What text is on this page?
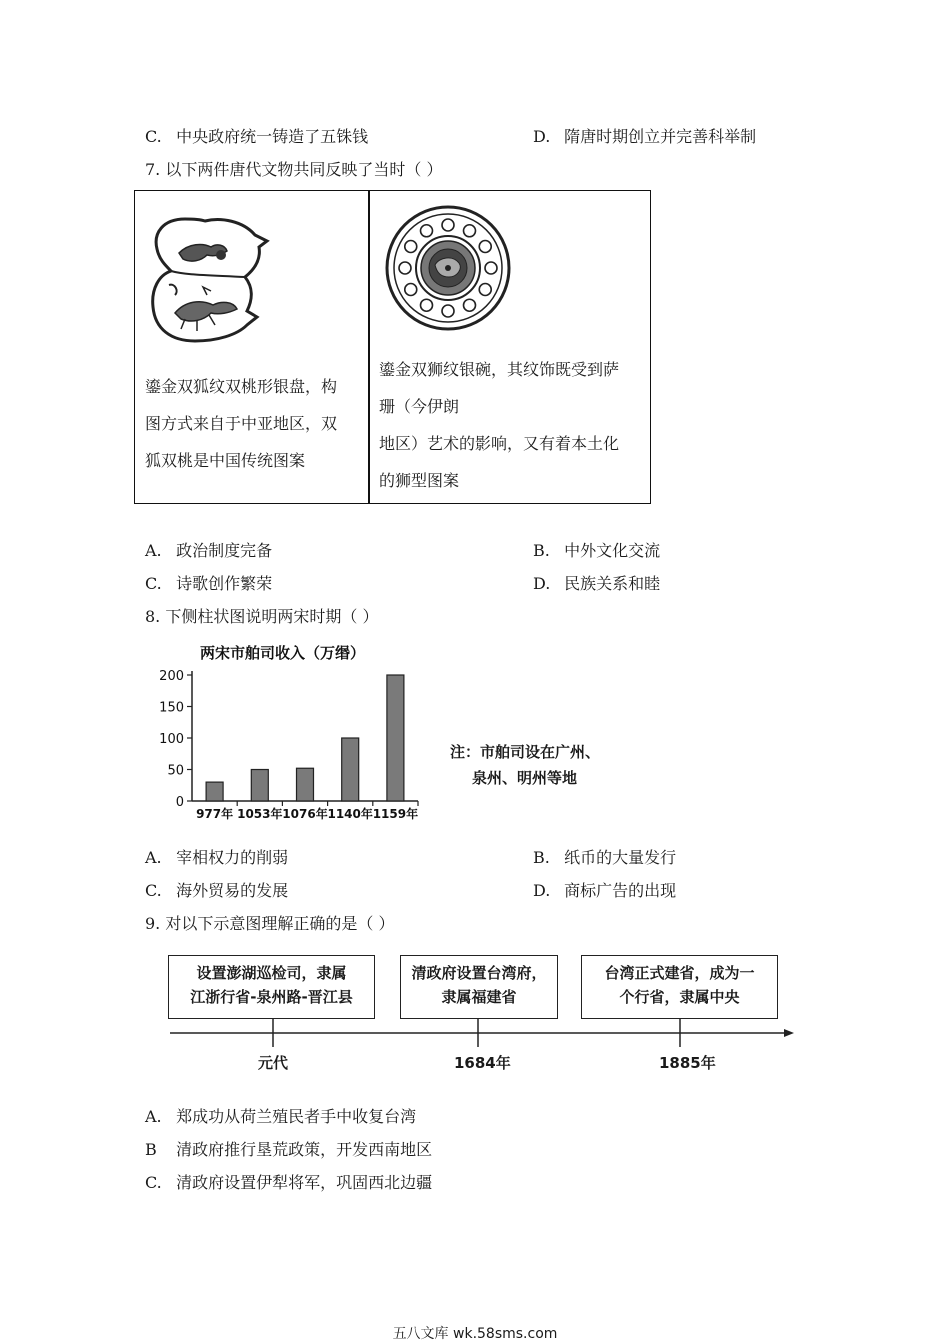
C. 中央政府统一铸造了五铢钱	D. 隋唐时期创立并完善科举制
7. 以下两件唐代文物共同反映了当时（ ）
鎏金双狐纹双桃形银盘，构
图方式来自于中亚地区，双
狐双桃是中国传统图案
鎏金双狮纹银碗，其纹饰既受到萨
珊（今伊朗
地区）艺术的影响，又有着本土化
的狮型图案
A. 政治制度完备	B. 中外文化交流
C. 诗歌创作繁荣	D. 民族关系和睦
8. 下侧柱状图说明两宋时期（ ）
两宋市舶司收入（万缗）
0
50
100
150
200
977年 1053年 1076年 1140年 1159年
注：市舶司设在广州、
泉州、明州等地
A. 宰相权力的削弱	B. 纸币的大量发行
C. 海外贸易的发展	D. 商标广告的出现
9. 对以下示意图理解正确的是（ ）
设置澎湖巡检司，隶属
江浙行省-泉州路-晋江县
清政府设置台湾府，
隶属福建省
台湾正式建省，成为一
个行省，隶属中央
元代	1684年	1885年
A. 郑成功从荷兰殖民者手中收复台湾
B 清政府推行垦荒政策，开发西南地区
C. 清政府设置伊犁将军，巩固西北边疆
五八文库 wk.58sms.com
